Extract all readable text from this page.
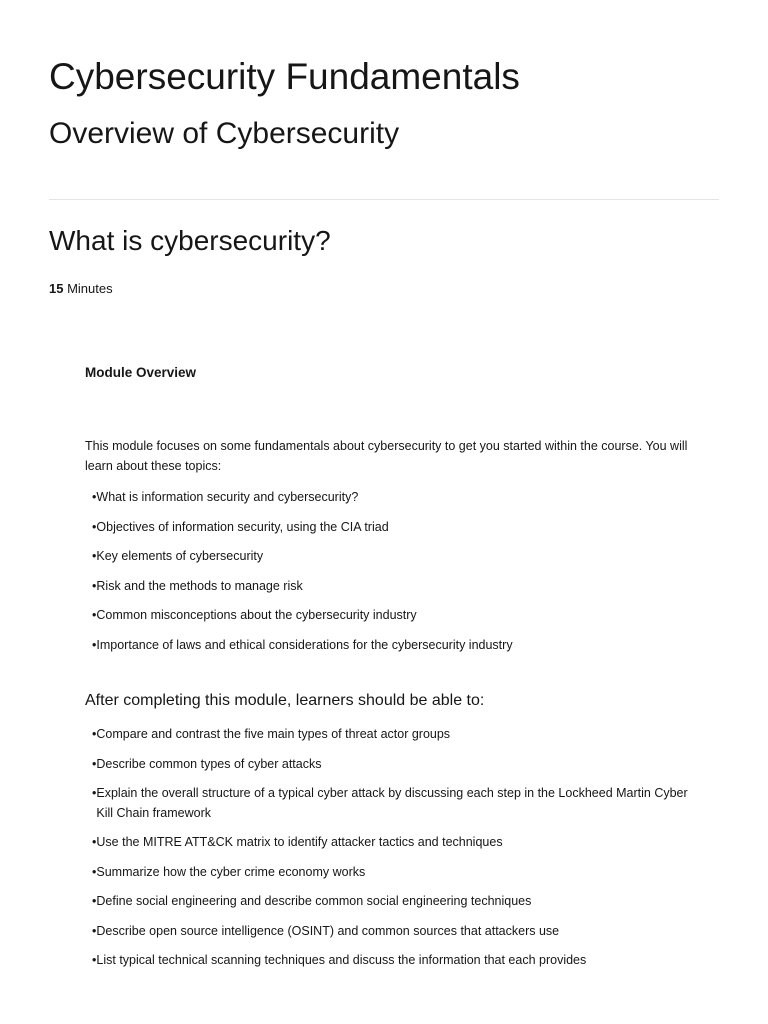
Cybersecurity Fundamentals
Overview of Cybersecurity
What is cybersecurity?
15 Minutes
Module Overview

This module focuses on some fundamentals about cybersecurity to get you started within the course. You will learn about these topics:

•What is information security and cybersecurity?
•Objectives of information security, using the CIA triad
•Key elements of cybersecurity
•Risk and the methods to manage risk
•Common misconceptions about the cybersecurity industry
•Importance of laws and ethical considerations for the cybersecurity industry
After completing this module, learners should be able to:
• Compare and contrast the five main types of threat actor groups
• Describe common types of cyber attacks
• Explain the overall structure of a typical cyber attack by discussing each step in the Lockheed Martin Cyber Kill Chain framework
• Use the MITRE ATT&CK matrix to identify attacker tactics and techniques
• Summarize how the cyber crime economy works
• Define social engineering and describe common social engineering techniques
• Describe open source intelligence (OSINT) and common sources that attackers use
• List typical technical scanning techniques and discuss the information that each provides
